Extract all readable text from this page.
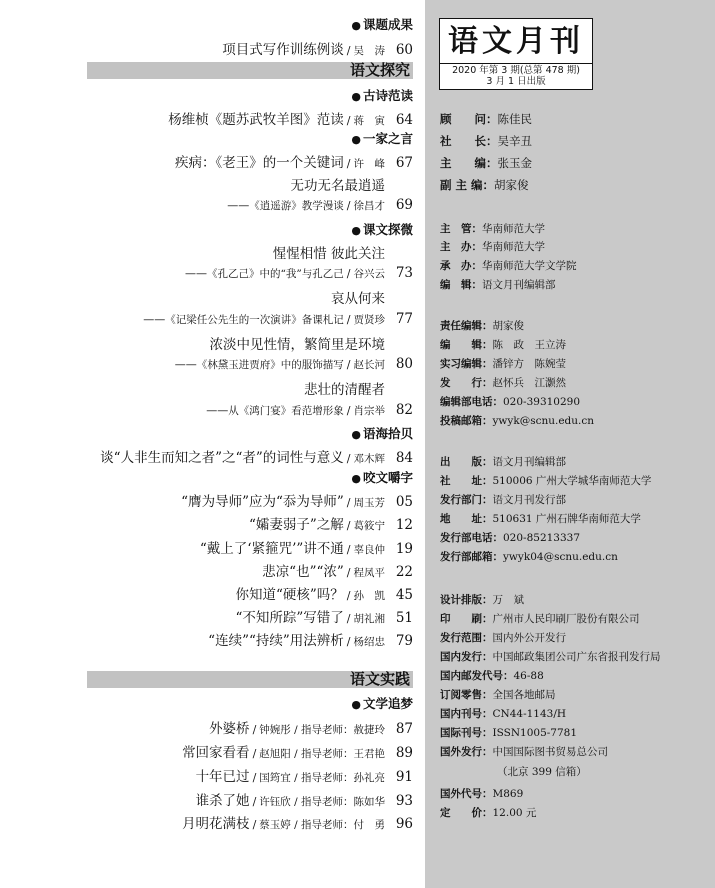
● 课题成果
项目式写作训练例谈 / 吴　涛 60
语文探究
● 古诗范读
杨维桢《题苏武牧羊图》范读 / 蒋　寅 64
● 一家之言
疾病：《老王》的一个关键词 / 许　峰 67
无功无名最逍遥
—— 《逍遥游》教学漫谈 / 徐昌才 69
● 课文探微
惺惺相惜 彼此关注
—— 《孔乙己》中的“我”与孔乙己 / 谷兴云 73
哀从何来
—— 《记梁任公先生的一次演讲》备课札记 / 贾贤珍 77
浓淡中见性情，繁简里是环境
—— 《林黛玉进贾府》中的服饰描写 / 赵长河 80
悲壮的清醒者
—— 从《鸿门宴》看范增形象 / 肖宗举 82
● 语海拾贝
谈“人非生而知之者”之“者”的词性与意义 / 邓木辉 84
● 咬文嚼字
“膺为导师”应为“忝为导师” / 周玉芳 05
“孀妻弱子”之解 / 葛筱宁 12
“戴上了‘紧箍咒’”讲不通 / 辜良仲 19
悲凉“也”“浓” / 程凤平 22
你知道“硬核”吗？ / 孙　凯 45
“不知所踪”写错了 / 胡礼湘 51
“连续”“持续”用法辨析 / 杨绍忠 79
语文实践
● 文学追梦
外婆桥 / 钟婉彤 / 指导老师：赦捷玲 87
常回家看看 / 赵旭阳 / 指导老师：王君艳 89
十年已过 / 国筠宜 / 指导老师：孙礼亮 91
谁杀了她 / 许钰欣 / 指导老师：陈如华 93
月明花满枝 / 蔡玉婷 / 指导老师：付　勇 96
语文月刊
2020 年第 3 期(总第 478 期)
3 月 1 日出版
顾　　问：陈佳民
社　　长：吴辛丑
主　　编：张玉金
副 主 编：胡家俊
主　管：华南师范大学
主　办：华南师范大学
承　办：华南师范大学文学院
编　辑：语文月刊编辑部
责任编辑：胡家俊
编　　辑：陈　政　王立涛
实习编辑：潘锌方　陈婉莹
发　　行：赵怀兵　江灏然
编辑部电话：020-39310290
投稿邮箱：ywyk@scnu.edu.cn
出　　版：语文月刊编辑部
社　　址：510006 广州大学城华南师范大学
发行部门：语文月刊发行部
地　　址：510631 广州石牌华南师范大学
发行部电话：020-85213337
发行部邮箱：ywyk04@scnu.edu.cn
设计排版：万　斌
印　　刷：广州市人民印刷厂股份有限公司
发行范围：国内外公开发行
国内发行：中国邮政集团公司广东省报刊发行局
国内邮发代号：46-88
订阅零售：全国各地邮局
国内刊号：CN44-1143/H
国际刊号：ISSN1005-7781
国外发行：中国国际图书贸易总公司
（北京 399 信箱）
国外代号：M869
定　　价：12.00 元
